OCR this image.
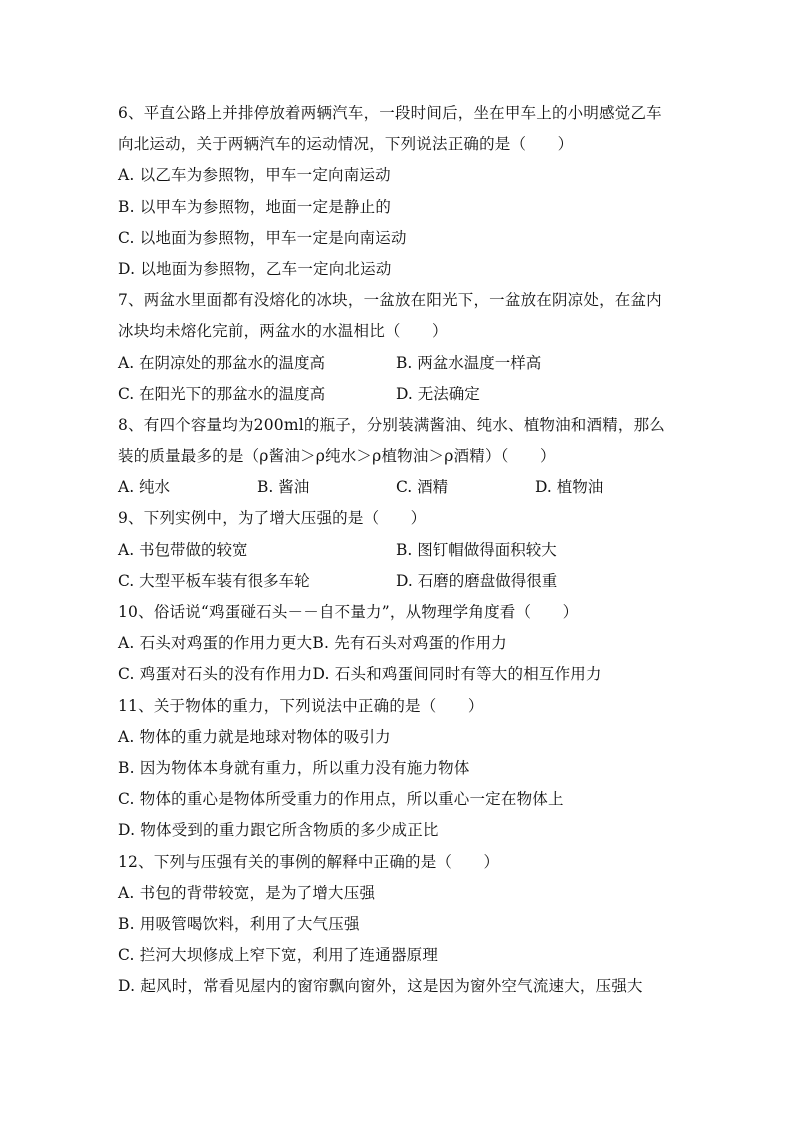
6、平直公路上并排停放着两辆汽车，一段时间后，坐在甲车上的小明感觉乙车
向北运动，关于两辆汽车的运动情况，下列说法正确的是（　　）
A. 以乙车为参照物，甲车一定向南运动
B. 以甲车为参照物，地面一定是静止的
C. 以地面为参照物，甲车一定是向南运动
D. 以地面为参照物，乙车一定向北运动
7、两盆水里面都有没熔化的冰块，一盆放在阳光下，一盆放在阴凉处，在盆内
冰块均未熔化完前，两盆水的水温相比（　　）
A. 在阴凉处的那盆水的温度高	B. 两盆水温度一样高
C. 在阳光下的那盆水的温度高	D. 无法确定
8、有四个容量均为200ml的瓶子，分别装满酱油、纯水、植物油和酒精，那么
装的质量最多的是（ρ酱油＞ρ纯水＞ρ植物油＞ρ酒精）（　　）
A. 纯水	B. 酱油	C. 酒精	D. 植物油
9、下列实例中，为了增大压强的是（　　）
A. 书包带做的较宽	B. 图钉帽做得面积较大
C. 大型平板车装有很多车轮	D. 石磨的磨盘做得很重
10、俗话说“鸡蛋碰石头－－自不量力”，从物理学角度看（　　）
A. 石头对鸡蛋的作用力更大B. 先有石头对鸡蛋的作用力
C. 鸡蛋对石头的没有作用力D. 石头和鸡蛋间同时有等大的相互作用力
11、关于物体的重力，下列说法中正确的是（　　）
A. 物体的重力就是地球对物体的吸引力
B. 因为物体本身就有重力，所以重力没有施力物体
C. 物体的重心是物体所受重力的作用点，所以重心一定在物体上
D. 物体受到的重力跟它所含物质的多少成正比
12、下列与压强有关的事例的解释中正确的是（　　）
A. 书包的背带较宽，是为了增大压强
B. 用吸管喝饮料，利用了大气压强
C. 拦河大坝修成上窄下宽，利用了连通器原理
D. 起风时，常看见屋内的窗帘飘向窗外，这是因为窗外空气流速大，压强大
